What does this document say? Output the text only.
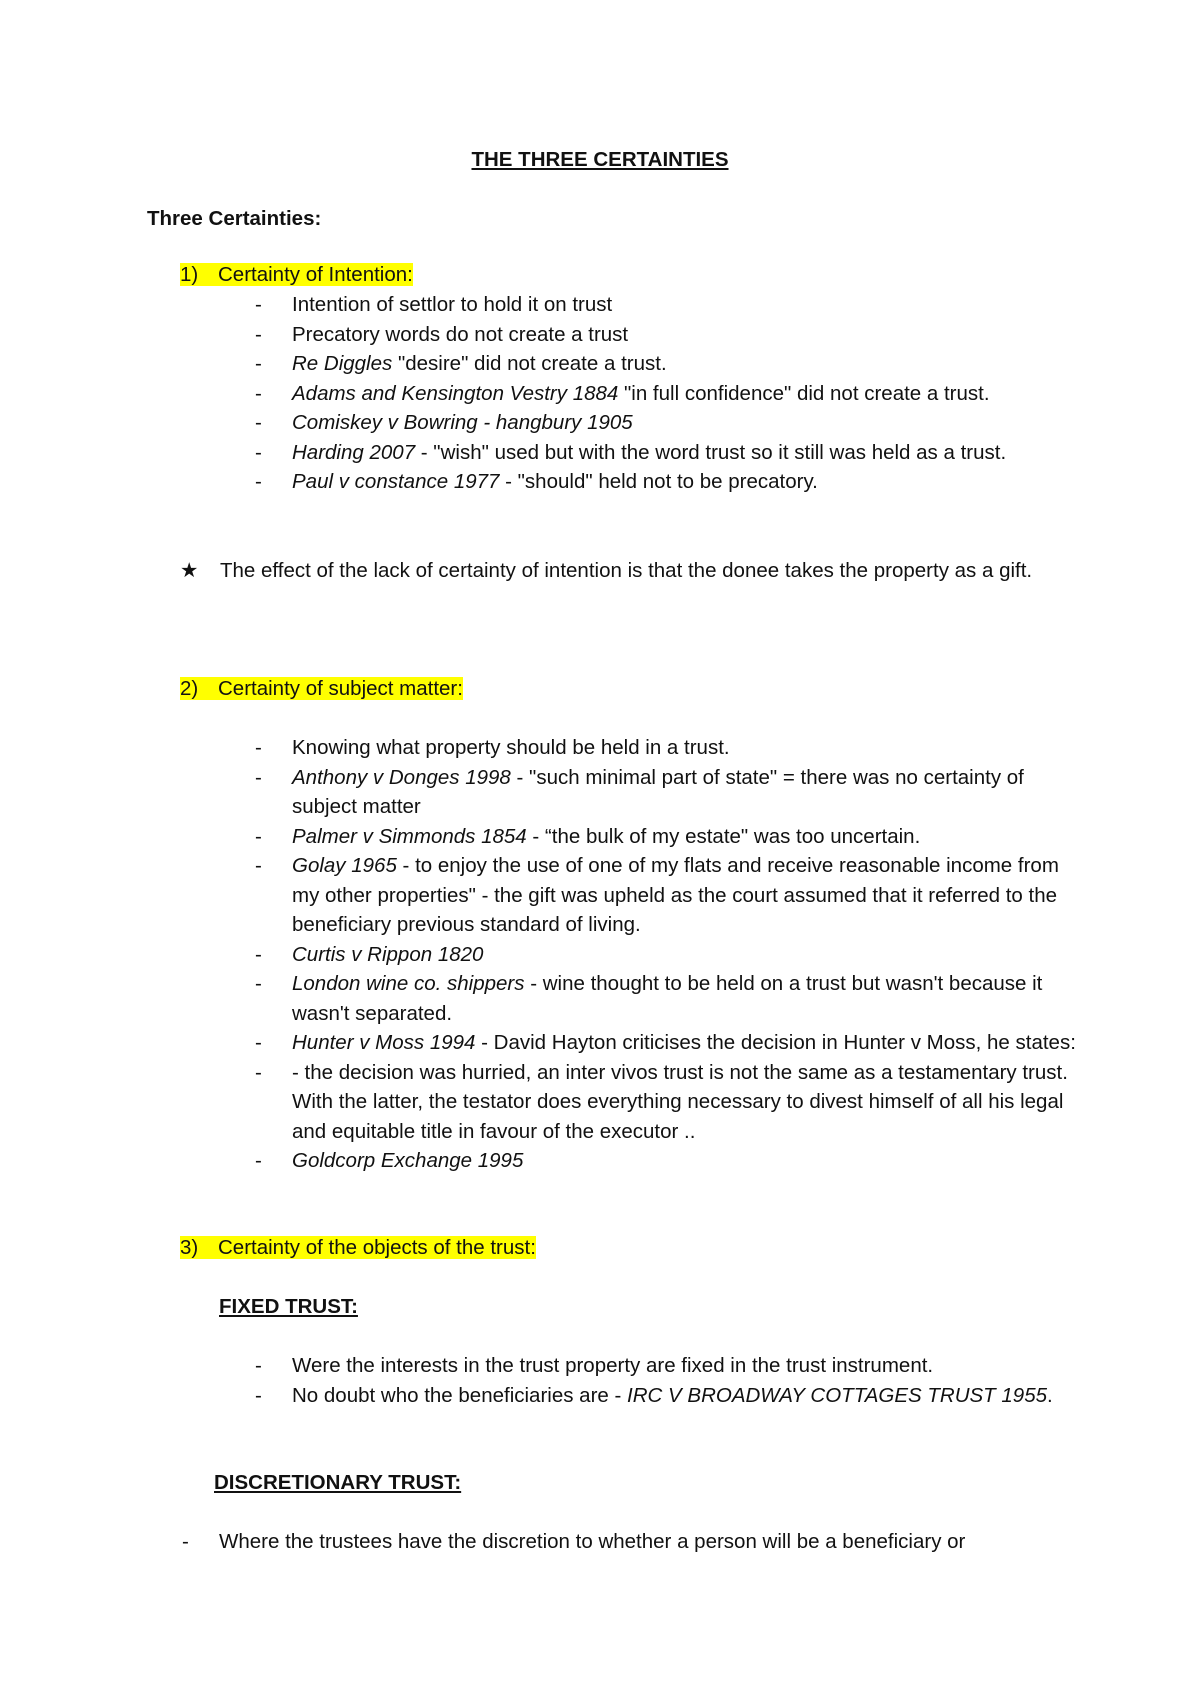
THE THREE CERTAINTIES
Three Certainties:
1) Certainty of Intention:
- Intention of settlor to hold it on trust
- Precatory words do not create a trust
- Re Diggles "desire" did not create a trust.
- Adams and Kensington Vestry 1884 "in full confidence" did not create a trust.
- Comiskey v Bowring - hangbury 1905
- Harding 2007 - "wish" used but with the word trust so it still was held as a trust.
- Paul v constance 1977 - "should" held not to be precatory.
★ The effect of the lack of certainty of intention is that the donee takes the property as a gift.
2) Certainty of subject matter:
- Knowing what property should be held in a trust.
- Anthony v Donges 1998 - "such minimal part of state" = there was no certainty of subject matter
- Palmer v Simmonds 1854 - “the bulk of my estate" was too uncertain.
- Golay 1965 - to enjoy the use of one of my flats and receive reasonable income from my other properties" - the gift was upheld as the court assumed that it referred to the beneficiary previous standard of living.
- Curtis v Rippon 1820
- London wine co. shippers - wine thought to be held on a trust but wasn't because it wasn't separated.
- Hunter v Moss 1994 - David Hayton criticises the decision in Hunter v Moss, he states:
- - the decision was hurried, an inter vivos trust is not the same as a testamentary trust. With the latter, the testator does everything necessary to divest himself of all his legal and equitable title in favour of the executor ..
- Goldcorp Exchange 1995
3) Certainty of the objects of the trust:
FIXED TRUST:
- Were the interests in the trust property are fixed in the trust instrument.
- No doubt who the beneficiaries are - IRC V BROADWAY COTTAGES TRUST 1955.
DISCRETIONARY TRUST:
- Where the trustees have the discretion to whether a person will be a beneficiary or
